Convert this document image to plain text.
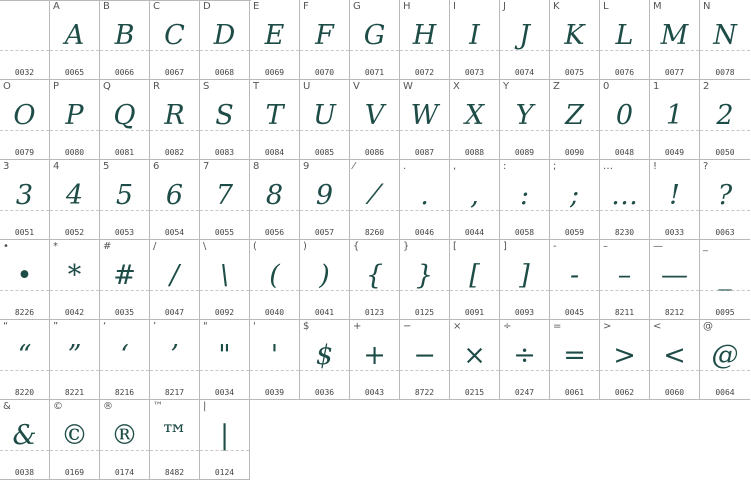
0032
A
A
0065
B
B
0066
C
C
0067
D
D
0068
E
E
0069
F
F
0070
G
G
0071
H
H
0072
I
I
0073
J
J
0074
K
K
0075
L
L
0076
M
M
0077
N
N
0078
O
O
0079
P
P
0080
Q
Q
0081
R
R
0082
S
S
0083
T
T
0084
U
U
0085
V
V
0086
W
W
0087
X
X
0088
Y
Y
0089
Z
Z
0090
0
0
0048
1
1
0049
2
2
0050
3
3
0051
4
4
0052
5
5
0053
6
6
0054
7
7
0055
8
8
0056
9
9
0057
⁄
⁄
8260
.
.
0046
,
,
0044
:
:
0058
;
;
0059
…
…
8230
!
!
0033
?
?
0063
•
•
8226
*
*
0042
#
#
0035
/
/
0047
\
\
0092
(
(
0040
)
)
0041
{
{
0123
}
}
0125
[
[
0091
]
]
0093
-
-
0045
–
–
8211
—
—
8212
_
_
0095
“
“
8220
”
”
8221
‘
‘
8216
’
’
8217
"
"
0034
'
'
0039
$
$
0036
+
+
0043
−
−
8722
×
×
0215
÷
÷
0247
=
=
0061
>
>
0062
<
<
0060
@
@
0064
&
&
0038
©
©
0169
®
®
0174
™
™
8482
|
|
0124
